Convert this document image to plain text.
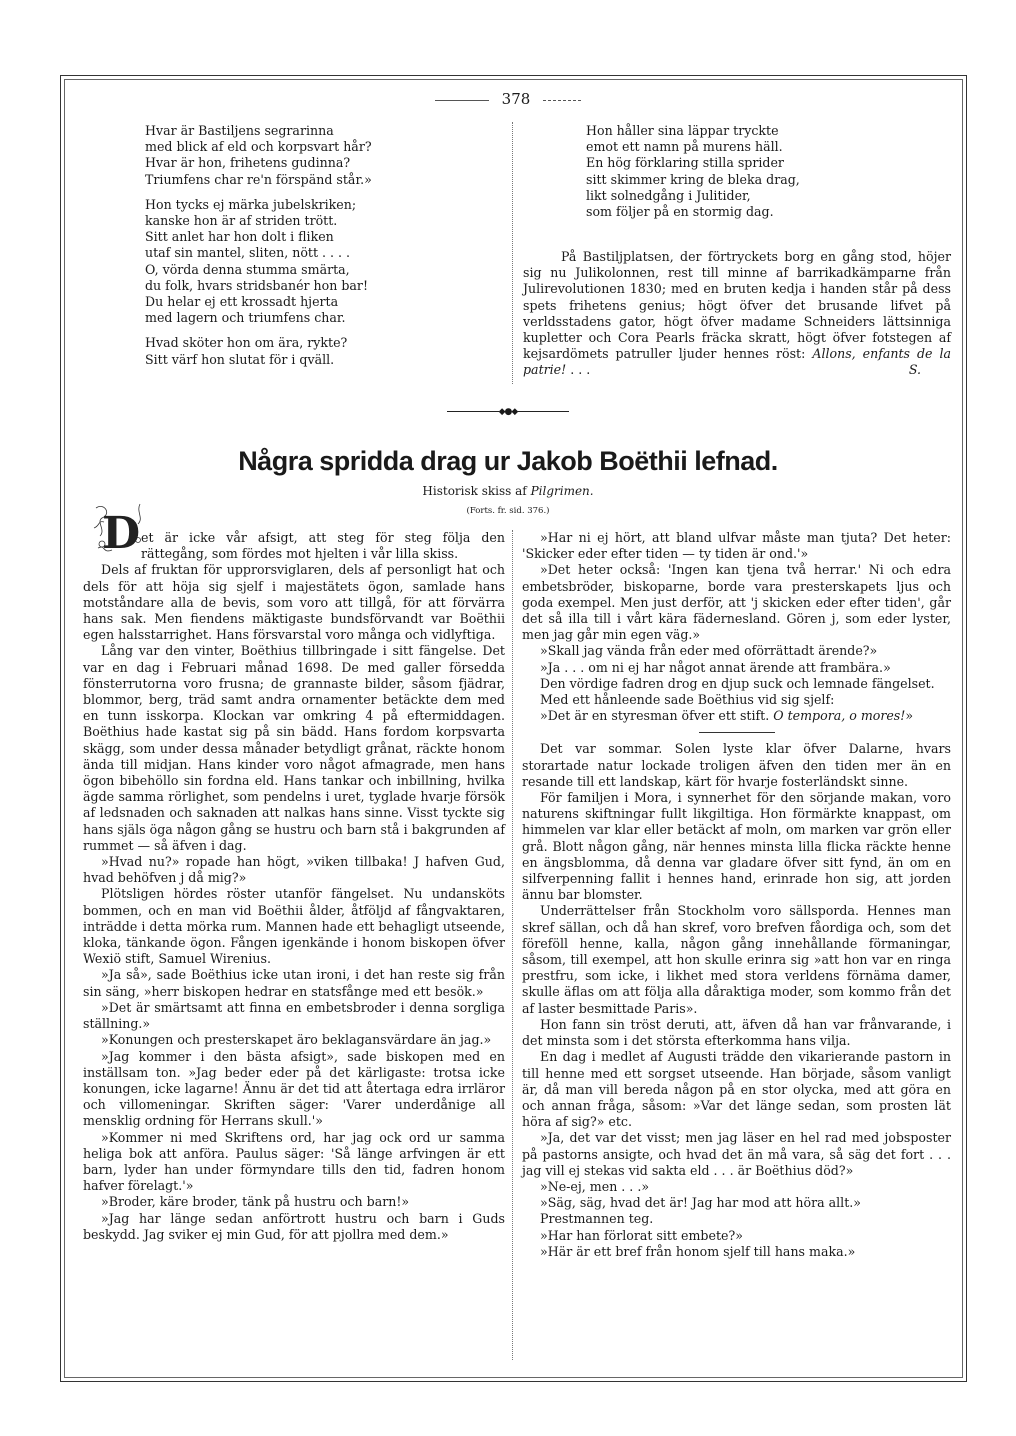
378
Hvar är Bastiljens segrarinna
med blick af eld och korpsvart hår?
Hvar är hon, frihetens gudinna?
Triumfens char re'n förspänd står.»
Hon tycks ej märka jubelskriken;
kanske hon är af striden trött.
Sitt anlet har hon dolt i fliken
utaf sin mantel, sliten, nött . . . .
O, vörda denna stumma smärta,
du folk, hvars stridsbanér hon bar!
Du helar ej ett krossadt hjerta
med lagern och triumfens char.
Hvad sköter hon om ära, rykte?
Sitt värf hon slutat för i qväll.
Hon håller sina läppar tryckte
emot ett namn på murens häll.
En hög förklaring stilla sprider
sitt skimmer kring de bleka drag,
likt solnedgång i Julitider,
som följer på en stormig dag.

På Bastiljplatsen, der förtryckets borg en gång stod, höjer sig nu Julikolonnen, rest till minne af barrikadkämparne från Julirevolutionen 1830; med en bruten kedja i handen står på dess spets frihetens genius; högt öfver det brusande lifvet på verldsstadens gator, högt öfver madame Schneiders lättsinniga kupletter och Cora Pearls fräcka skratt, högt öfver fotstegen af kejsardömets patruller ljuder hennes röst: Allons, enfants de la patrie! . . .	S.

◆●◆
Några spridda drag ur Jakob Boëthii lefnad.
Historisk skiss af Pilgrimen.
(Forts. fr. sid. 376.)
D et är icke vår afsigt, att steg för steg följa den rättegång, som fördes mot hjelten i vår lilla skiss.

Dels af fruktan för upprorsviglaren, dels af personligt hat och dels för att höja sig sjelf i majestätets ögon, samlade hans motståndare alla de bevis, som voro att tillgå, för att förvärra hans sak. Men fiendens mäktigaste bundsförvandt var Boëthii egen halsstarrighet. Hans försvarstal voro många och vidlyftiga.

Lång var den vinter, Boëthius tillbringade i sitt fängelse. Det var en dag i Februari månad 1698. De med galler försedda fönsterrutorna voro frusna; de grannaste bilder, såsom fjädrar, blommor, berg, träd samt andra ornamenter betäckte dem med en tunn isskorpa. Klockan var omkring 4 på eftermiddagen. Boëthius hade kastat sig på sin bädd. Hans fordom korpsvarta skägg, som under dessa månader betydligt grånat, räckte honom ända till midjan. Hans kinder voro något afmagrade, men hans ögon bibehöllo sin fordna eld. Hans tankar och inbillning, hvilka ägde samma rörlighet, som pendelns i uret, tyglade hvarje försök af ledsnaden och saknaden att nalkas hans sinne. Visst tyckte sig hans själs öga någon gång se hustru och barn stå i bakgrunden af rummet — så äfven i dag.

»Hvad nu?» ropade han högt, »viken tillbaka! J hafven Gud, hvad behöfven j då mig?»

Plötsligen hördes röster utanför fängelset. Nu undansköts bommen, och en man vid Boëthii ålder, åtföljd af fångvaktaren, inträdde i detta mörka rum. Mannen hade ett behagligt utseende, kloka, tänkande ögon. Fången igenkände i honom biskopen öfver Wexiö stift, Samuel Wirenius.

»Ja så», sade Boëthius icke utan ironi, i det han reste sig från sin säng, »herr biskopen hedrar en statsfånge med ett besök.»

»Det är smärtsamt att finna en embetsbroder i denna sorgliga ställning.»

»Konungen och presterskapet äro beklagansvärdare än jag.»

»Jag kommer i den bästa afsigt», sade biskopen med en inställsam ton. »Jag beder eder på det kärligaste: trotsa icke konungen, icke lagarne! Ännu är det tid att återtaga edra irrläror och villomeningar. Skriften säger: 'Varer underdånige all mensklig ordning för Herrans skull.'»

»Kommer ni med Skriftens ord, har jag ock ord ur samma heliga bok att anföra. Paulus säger: 'Så länge arfvingen är ett barn, lyder han under förmyndare tills den tid, fadren honom hafver förelagt.'»

»Broder, käre broder, tänk på hustru och barn!»

»Jag har länge sedan anförtrott hustru och barn i Guds beskydd. Jag sviker ej min Gud, för att pjollra med dem.»

»Har ni ej hört, att bland ulfvar måste man tjuta? Det heter: 'Skicker eder efter tiden — ty tiden är ond.'»

»Det heter också: 'Ingen kan tjena två herrar.' Ni och edra embetsbröder, biskoparne, borde vara presterskapets ljus och goda exempel. Men just derför, att 'j skicken eder efter tiden', går det så illa till i vårt kära fädernesland. Gören j, som eder lyster, men jag går min egen väg.»

»Skall jag vända från eder med oförrättadt ärende?»

»Ja . . . om ni ej har något annat ärende att frambära.»

Den vördige fadren drog en djup suck och lemnade fängelset.

Med ett hånleende sade Boëthius vid sig sjelf:

»Det är en styresman öfver ett stift. O tempora, o mores!»

Det var sommar. Solen lyste klar öfver Dalarne, hvars storartade natur lockade troligen äfven den tiden mer än en resande till ett landskap, kärt för hvarje fosterländskt sinne.

För familjen i Mora, i synnerhet för den sörjande makan, voro naturens skiftningar fullt likgiltiga. Hon förmärkte knappast, om himmelen var klar eller betäckt af moln, om marken var grön eller grå. Blott någon gång, när hennes minsta lilla flicka räckte henne en ängsblomma, då denna var gladare öfver sitt fynd, än om en silfverpenning fallit i hennes hand, erinrade hon sig, att jorden ännu bar blomster.

Underrättelser från Stockholm voro sällsporda. Hennes man skref sällan, och då han skref, voro brefven fåordiga och, som det föreföll henne, kalla, någon gång innehållande förmaningar, såsom, till exempel, att hon skulle erinra sig »att hon var en ringa prestfru, som icke, i likhet med stora verldens förnäma damer, skulle äflas om att följa alla dåraktiga moder, som kommo från det af laster besmittade Paris».

Hon fann sin tröst deruti, att, äfven då han var frånvarande, i det minsta som i det största efterkomma hans vilja.

En dag i medlet af Augusti trädde den vikarierande pastorn in till henne med ett sorgset utseende. Han började, såsom vanligt är, då man vill bereda någon på en stor olycka, med att göra en och annan fråga, såsom: »Var det länge sedan, som prosten lät höra af sig?» etc.

»Ja, det var det visst; men jag läser en hel rad med jobsposter på pastorns ansigte, och hvad det än må vara, så säg det fort . . . jag vill ej stekas vid sakta eld . . . är Boëthius död?»

»Ne-ej, men . . .»

»Säg, säg, hvad det är! Jag har mod att höra allt.»

Prestmannen teg.

»Har han förlorat sitt embete?»

»Här är ett bref från honom sjelf till hans maka.»
